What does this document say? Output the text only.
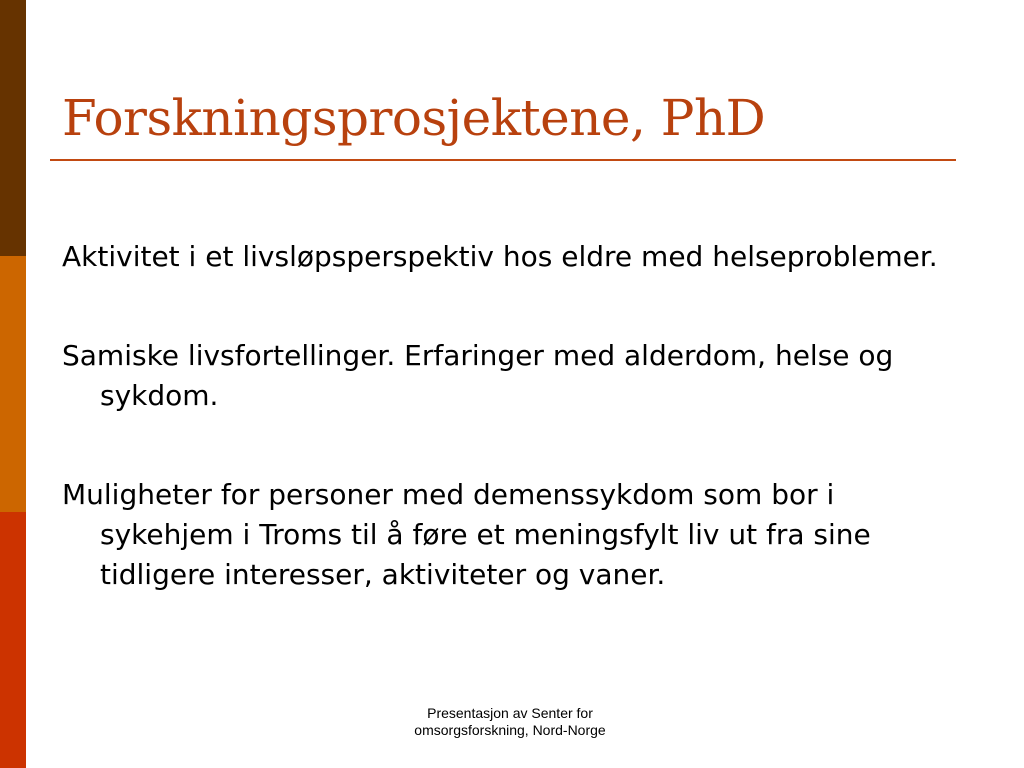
Forskningsprosjektene, PhD
Aktivitet i et livsløpsperspektiv hos eldre med helseproblemer.
Samiske livsfortellinger. Erfaringer med alderdom, helse og sykdom.
Muligheter for personer med demenssykdom som bor i sykehjem i Troms til å føre et meningsfylt liv ut fra sine tidligere interesser, aktiviteter og vaner.
Presentasjon av Senter for
omsorgsforskning, Nord-Norge
